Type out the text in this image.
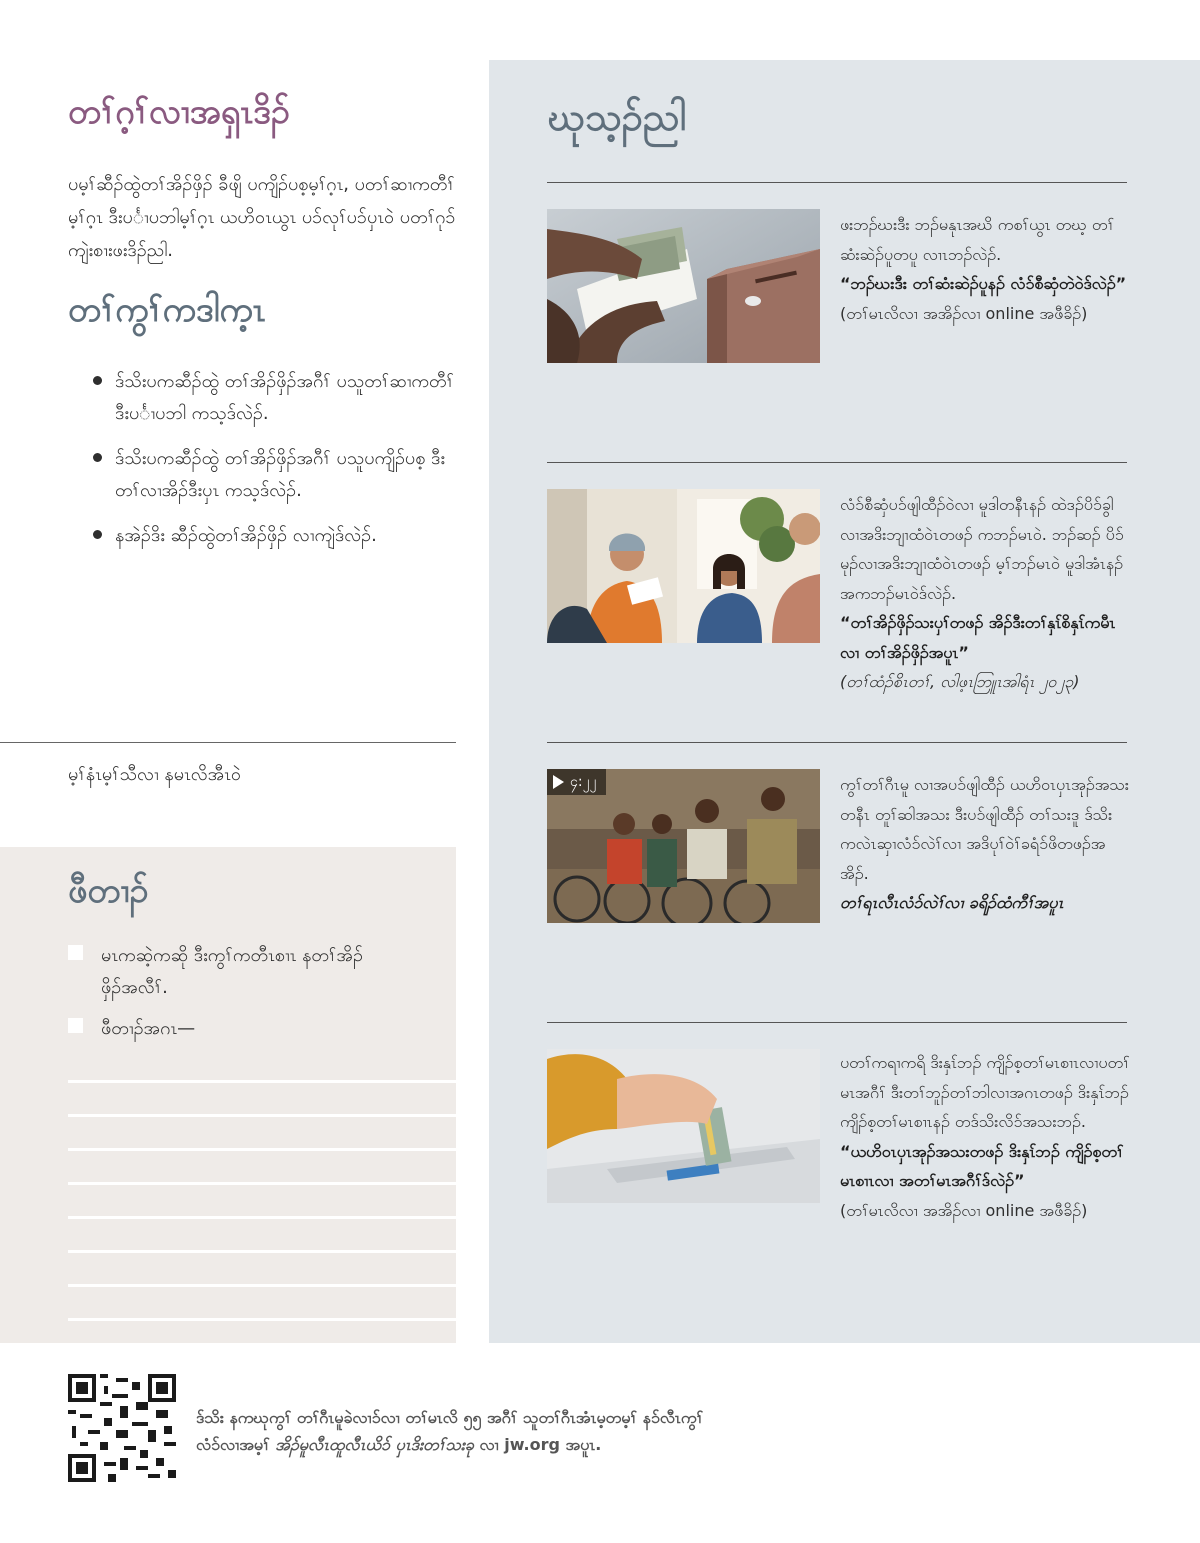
တၢ်ဂ့ၢ်လၢအရှၤဒိၣ်

ပမ့ၢ်ဆီၣ်ထွဲတၢ်အိၣ်ဖှိၣ် ခီဖျိ ပကျိၣ်ပစ့မ့ၢ်ဂ့ၤ, ပတၢ်ဆၢကတီၢ်မ့ၢ်ဂ့ၤ ဒီးပင်္ၢပဘါမ့ၢ်ဂ့ၤ ယဟိဝၤယွၤ ပၥ်လုၢ်ပၥ်ပှၤဝဲ ပတၢ်ဂုၥ်ကျဲးစၢးဖးဒိၣ်ညါ.

တၢ်ကွၢ်ကဒါက့ၤ
ဒ်သိးပကဆီၣ်ထွဲ တၢ်အိၣ်ဖှိၣ်အဂီၢ် ပသူတၢ်ဆၢကတီၢ် ဒီးပင်္ၢပဘါ ကသ့ဒ်လဲၣ်.
ဒ်သိးပကဆီၣ်ထွဲ တၢ်အိၣ်ဖှိၣ်အဂီၢ် ပသူပကျိၣ်ပစ့ ဒီးတၢ်လၢအိၣ်ဒီးပှၤ ကသ့ဒ်လဲၣ်.
နအဲၣ်ဒိး ဆီၣ်ထွဲတၢ်အိၣ်ဖှိၣ် လၢကျဲဒ်လဲၣ်.
မ့ၢ်နံၤမ့ၢ်သီလၢ နမၤလိအီၤဝဲ
ဖီတၢၣ်
မၤကဆဲ့ကဆို ဒီးကွၢ်ကတီၤစၢၤ နတၢ်အိၣ်ဖှိၣ်အလီၢ်.
ဖီတၢၣ်အဂၤ—
ဃုသ့ၣ်ညါ
ဖးဘၣ်ဃးဒီး ဘၣ်မနုၤအဃိ ကစၢ်ယွၤ တဃ့ တၢ်ဆံးဆဲၣ်ပူတပူ လၢၤဘၣ်လဲၣ်.
“ဘၣ်ဃးဒီး တၢ်ဆံးဆဲၣ်ပူနၣ် လံၥ်စီဆှံတဲဝဲဒ်လဲၣ်” (တၢ်မၤလိလၢ အအိၣ်လၢ online အဖီခိၣ်)
လံၥ်စီဆှံပၥ်ဖျါထီၣ်ဝဲလၢ မူဒါတနီၤနၣ် ထဲဒၣ်ပိၥ်ခွါလၢအဒိးဘျၢထံဝဲၤတဖၣ် ကဘၣ်မၤဝဲ. ဘၣ်ဆၣ် ပိၥ်မုၣ်လၢအဒိးဘျၢထံဝဲၤတဖၣ် မ့ၢ်ဘၣ်မၤဝဲ မူဒါအံၤနၣ် အကဘၣ်မၤဝဲဒ်လဲၣ်.
“တၢ်အိၣ်ဖှိၣ်သးပှၢ်တဖၣ် အိၣ်ဒီးတၢ်နှၤ်စိနှၤ်ကမီၤလၢ တၢ်အိၣ်ဖှိၣ်အပူၤ”
(တၢ်ထံၣ်စိၤတၢ်, လါဖ့ၤဘြူၤအါရံၤ ၂၀၂၃)
၄:၂၂	ကွၢ်တၢ်ဂီၤမူ လၢအပၥ်ဖျါထီၣ် ယဟိဝၤပှၤအုၣ်အသးတနီၤ တူၢ်ဆါအသး ဒီးပၥ်ဖျါထီၣ် တၢ်သးဒူ ဒ်သိး ကလဲၤဆှၢလံၥ်လဲၢ်လၢ အဒိပုၢ်ဝဲၢ်ခရံၥ်ဖိတဖၣ်အအိၣ်.
တၢ်ရၤလီၤလံၥ်လဲၢ်လၢ ခရိၣ်ထံကီၢ်အပူၤ
ပတၢ်ကရၢကရိ ဒိးနှၤ်ဘၣ် ကျိၣ်စ့တၢ်မၤစၢၤလၢပတၢ်မၤအဂီၢ် ဒီးတၢ်ဘူၣ်တၢ်ဘါလၢအဂၤတဖၣ် ဒိးနှၤ်ဘၣ်ကျိၣ်စ့တၢ်မၤစၢၤနၣ် တဒ်သိးလိၥ်အသးဘၣ်.
“ယဟိဝၤပှၤအုၣ်အသးတဖၣ် ဒိးနှၤ်ဘၣ် ကျိၣ်စ့တၢ်မၤစၢၤလၢ အတၢ်မၤအဂီၢ်ဒ်လဲၣ်”
(တၢ်မၤလိလၢ အအိၣ်လၢ online အဖီခိၣ်)
ဒ်သိး နကဃုကွၢ် တၢ်ဂီၤမူခဲလၢၥ်လၢ တၢ်မၤလိ ၅၅ အဂီၢ် သူတၢ်ဂီၤအံၤမ့တမ့ၢ် နၥ်လီၤကွၢ် လံၥ်လၢအမ့ၢ် အိၣ်မူလီၤထူလီၤယိၥ် ပှၤဒိးတၢ်သးခု လၢ jw.org အပူၤ.
